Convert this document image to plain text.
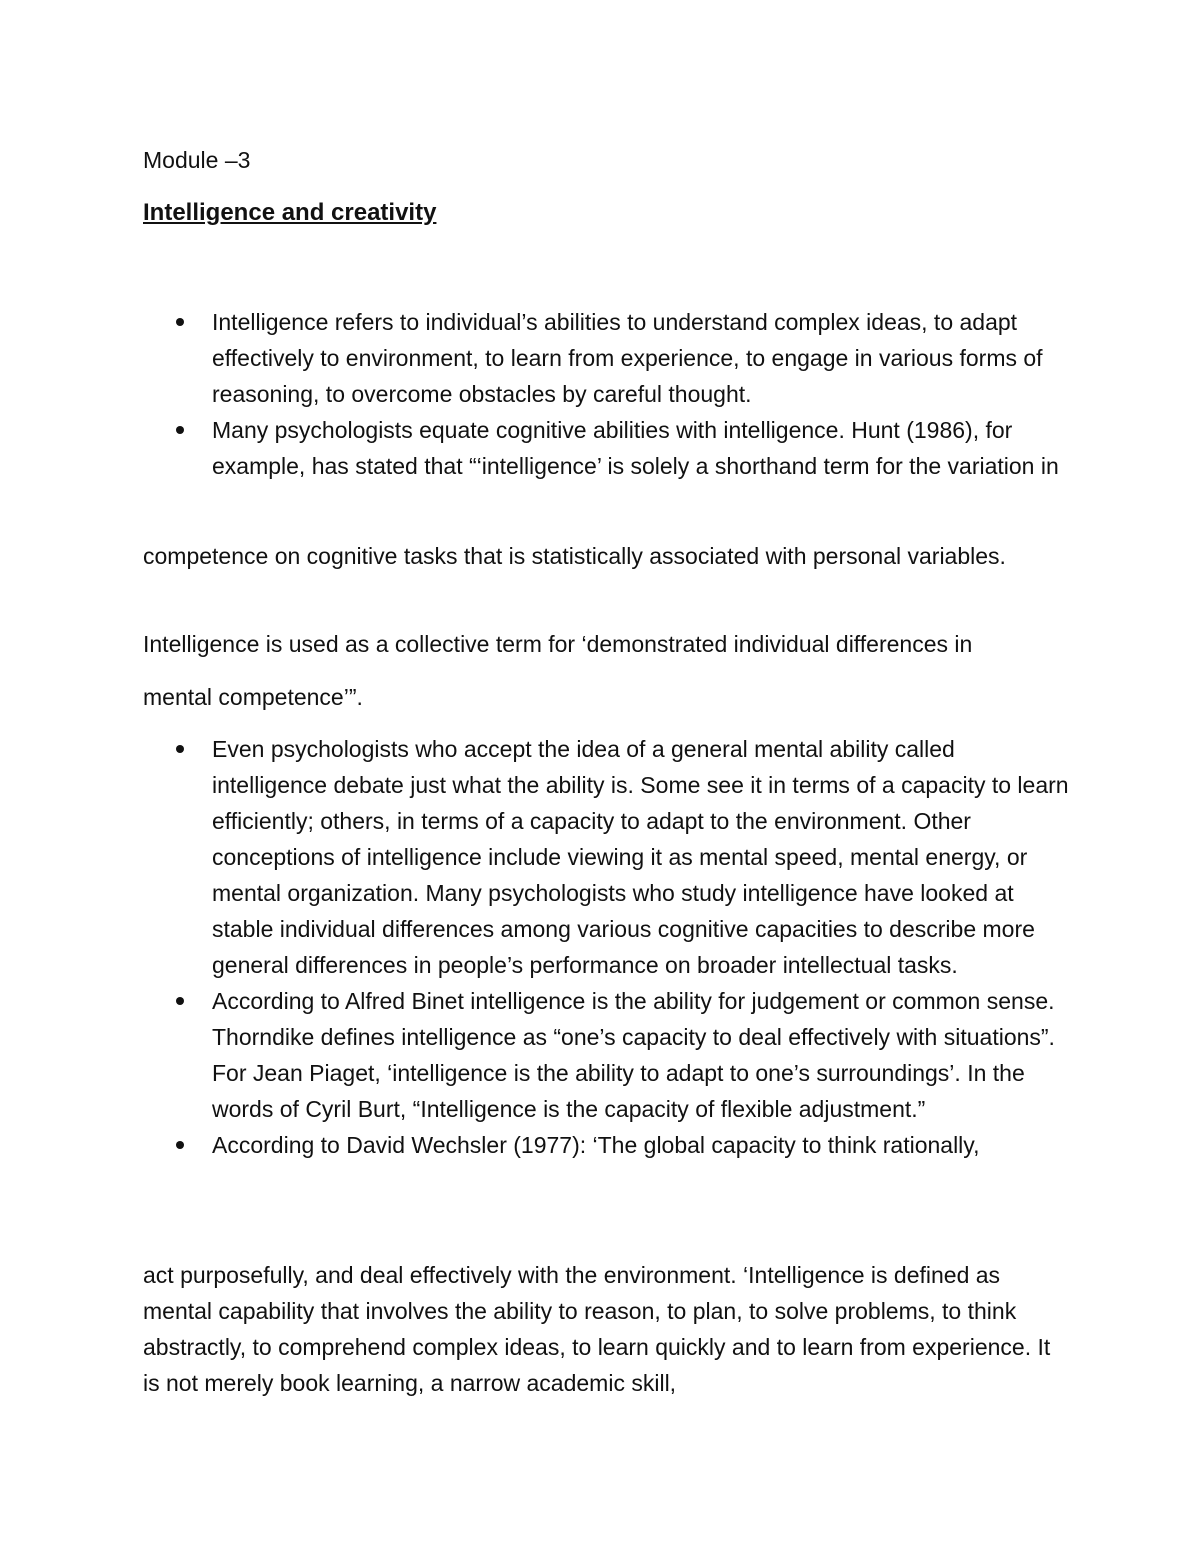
Module –3

Intelligence and creativity
Intelligence refers to individual’s abilities to understand complex ideas, to adapt effectively to environment, to learn from experience, to engage in various forms of reasoning, to overcome obstacles by careful thought.
Many psychologists equate cognitive abilities with intelligence. Hunt (1986), for example, has stated that “‘intelligence’ is solely a shorthand term for the variation in

competence on cognitive tasks that is statistically associated with personal variables.

Intelligence is used as a collective term for ‘demonstrated individual differences in

mental competence’”.

Even psychologists who accept the idea of a general mental ability called intelligence debate just what the ability is. Some see it in terms of a capacity to learn efficiently; others, in terms of a capacity to adapt to the environment. Other conceptions of intelligence include viewing it as mental speed, mental energy, or mental organization. Many psychologists who study intelligence have looked at stable individual differences among various cognitive capacities to describe more general differences in people’s performance on broader intellectual tasks.
According to Alfred Binet intelligence is the ability for judgement or common sense. Thorndike defines intelligence as “one’s capacity to deal effectively with situations”. For Jean Piaget, ‘intelligence is the ability to adapt to one’s surroundings’. In the words of Cyril Burt, “Intelligence is the capacity of flexible adjustment.”
According to David Wechsler (1977): ‘The global capacity to think rationally,

act purposefully, and deal effectively with the environment. ‘Intelligence is defined as mental capability that involves the ability to reason, to plan, to solve problems, to think abstractly, to comprehend complex ideas, to learn quickly and to learn from experience. It is not merely book learning, a narrow academic skill,
